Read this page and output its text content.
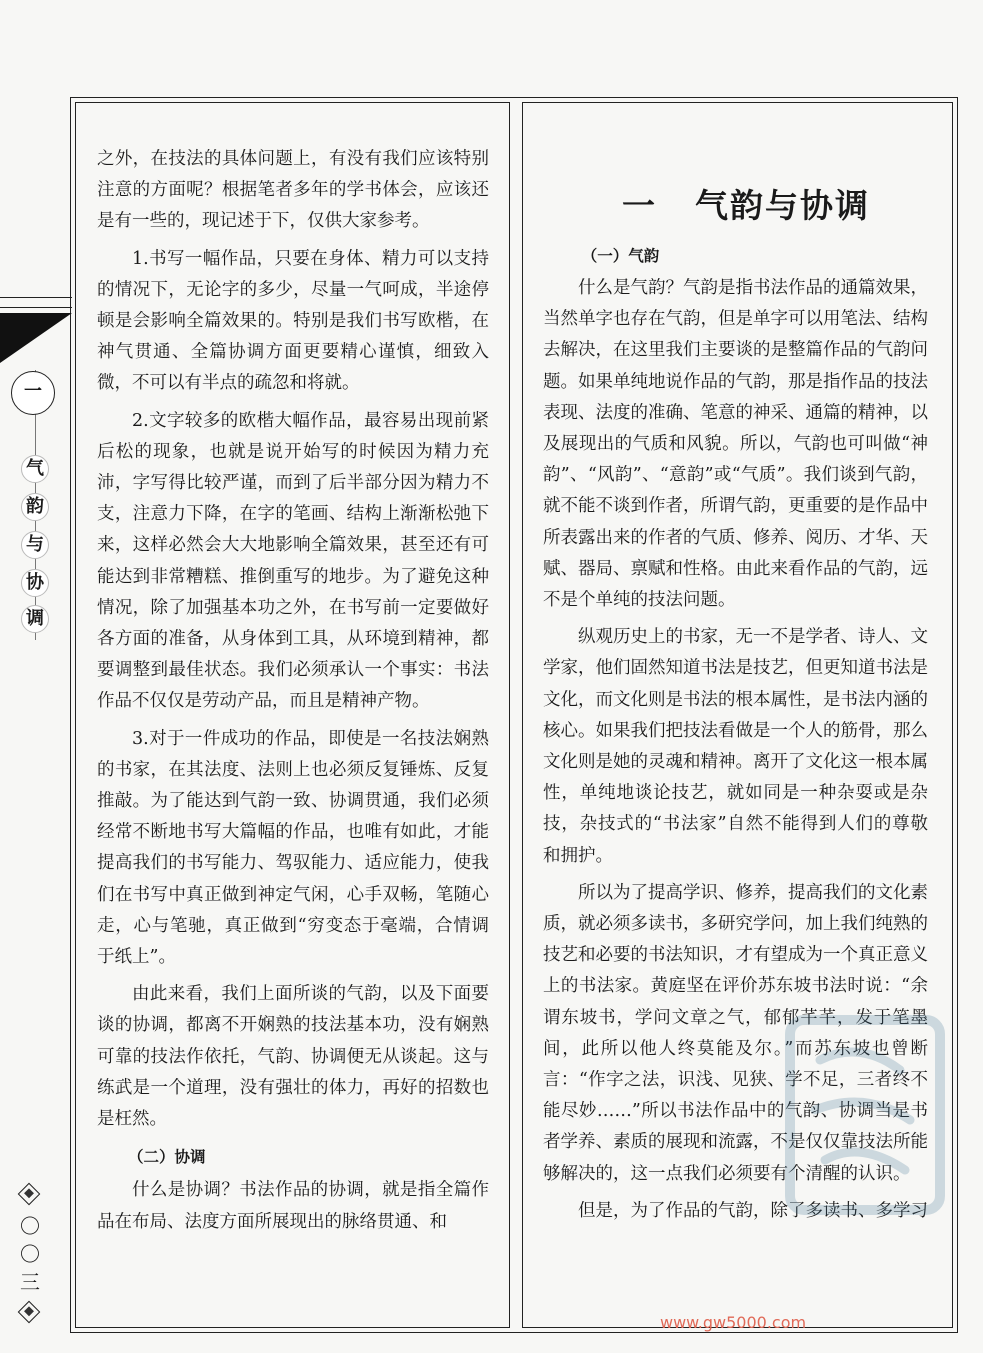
一
气
韵
与
协
调
〇
〇
三

之外，在技法的具体问题上，有没有我们应该特别注意的方面呢？根据笔者多年的学书体会，应该还是有一些的，现记述于下，仅供大家参考。

1.书写一幅作品，只要在身体、精力可以支持的情况下，无论字的多少，尽量一气呵成，半途停顿是会影响全篇效果的。特别是我们书写欧楷，在神气贯通、全篇协调方面更要精心谨慎，细致入微，不可以有半点的疏忽和将就。

2.文字较多的欧楷大幅作品，最容易出现前紧后松的现象，也就是说开始写的时候因为精力充沛，字写得比较严谨，而到了后半部分因为精力不支，注意力下降，在字的笔画、结构上渐渐松弛下来，这样必然会大大地影响全篇效果，甚至还有可能达到非常糟糕、推倒重写的地步。为了避免这种情况，除了加强基本功之外，在书写前一定要做好各方面的准备，从身体到工具，从环境到精神，都要调整到最佳状态。我们必须承认一个事实：书法作品不仅仅是劳动产品，而且是精神产物。

3.对于一件成功的作品，即使是一名技法娴熟的书家，在其法度、法则上也必须反复锤炼、反复推敲。为了能达到气韵一致、协调贯通，我们必须经常不断地书写大篇幅的作品，也唯有如此，才能提高我们的书写能力、驾驭能力、适应能力，使我们在书写中真正做到神定气闲，心手双畅，笔随心走，心与笔驰，真正做到“穷变态于毫端，合情调于纸上”。

由此来看，我们上面所谈的气韵，以及下面要谈的协调，都离不开娴熟的技法基本功，没有娴熟可靠的技法作依托，气韵、协调便无从谈起。这与练武是一个道理，没有强壮的体力，再好的招数也是枉然。

（二）协调

什么是协调？书法作品的协调，就是指全篇作品在布局、法度方面所展现出的脉络贯通、和

一 气韵与协调
（一）气韵

什么是气韵？气韵是指书法作品的通篇效果，当然单字也存在气韵，但是单字可以用笔法、结构去解决，在这里我们主要谈的是整篇作品的气韵问题。如果单纯地说作品的气韵，那是指作品的技法表现、法度的准确、笔意的神采、通篇的精神，以及展现出的气质和风貌。所以，气韵也可叫做“神韵”、“风韵”、“意韵”或“气质”。我们谈到气韵，就不能不谈到作者，所谓气韵，更重要的是作品中所表露出来的作者的气质、修养、阅历、才华、天赋、器局、禀赋和性格。由此来看作品的气韵，远不是个单纯的技法问题。

纵观历史上的书家，无一不是学者、诗人、文学家，他们固然知道书法是技艺，但更知道书法是文化，而文化则是书法的根本属性，是书法内涵的核心。如果我们把技法看做是一个人的筋骨，那么文化则是她的灵魂和精神。离开了文化这一根本属性，单纯地谈论技艺，就如同是一种杂耍或是杂技，杂技式的“书法家”自然不能得到人们的尊敬和拥护。

所以为了提高学识、修养，提高我们的文化素质，就必须多读书，多研究学问，加上我们纯熟的技艺和必要的书法知识，才有望成为一个真正意义上的书法家。黄庭坚在评价苏东坡书法时说：“余谓东坡书，学问文章之气，郁郁芊芊，发于笔墨间，此所以他人终莫能及尔。”而苏东坡也曾断言：“作字之法，识浅、见狭、学不足，三者终不能尽妙……”所以书法作品中的气韵、协调当是书者学养、素质的展现和流露，不是仅仅靠技法所能够解决的，这一点我们必须要有个清醒的认识。

但是，为了作品的气韵，除了多读书、多学习

www.gw5000.com
